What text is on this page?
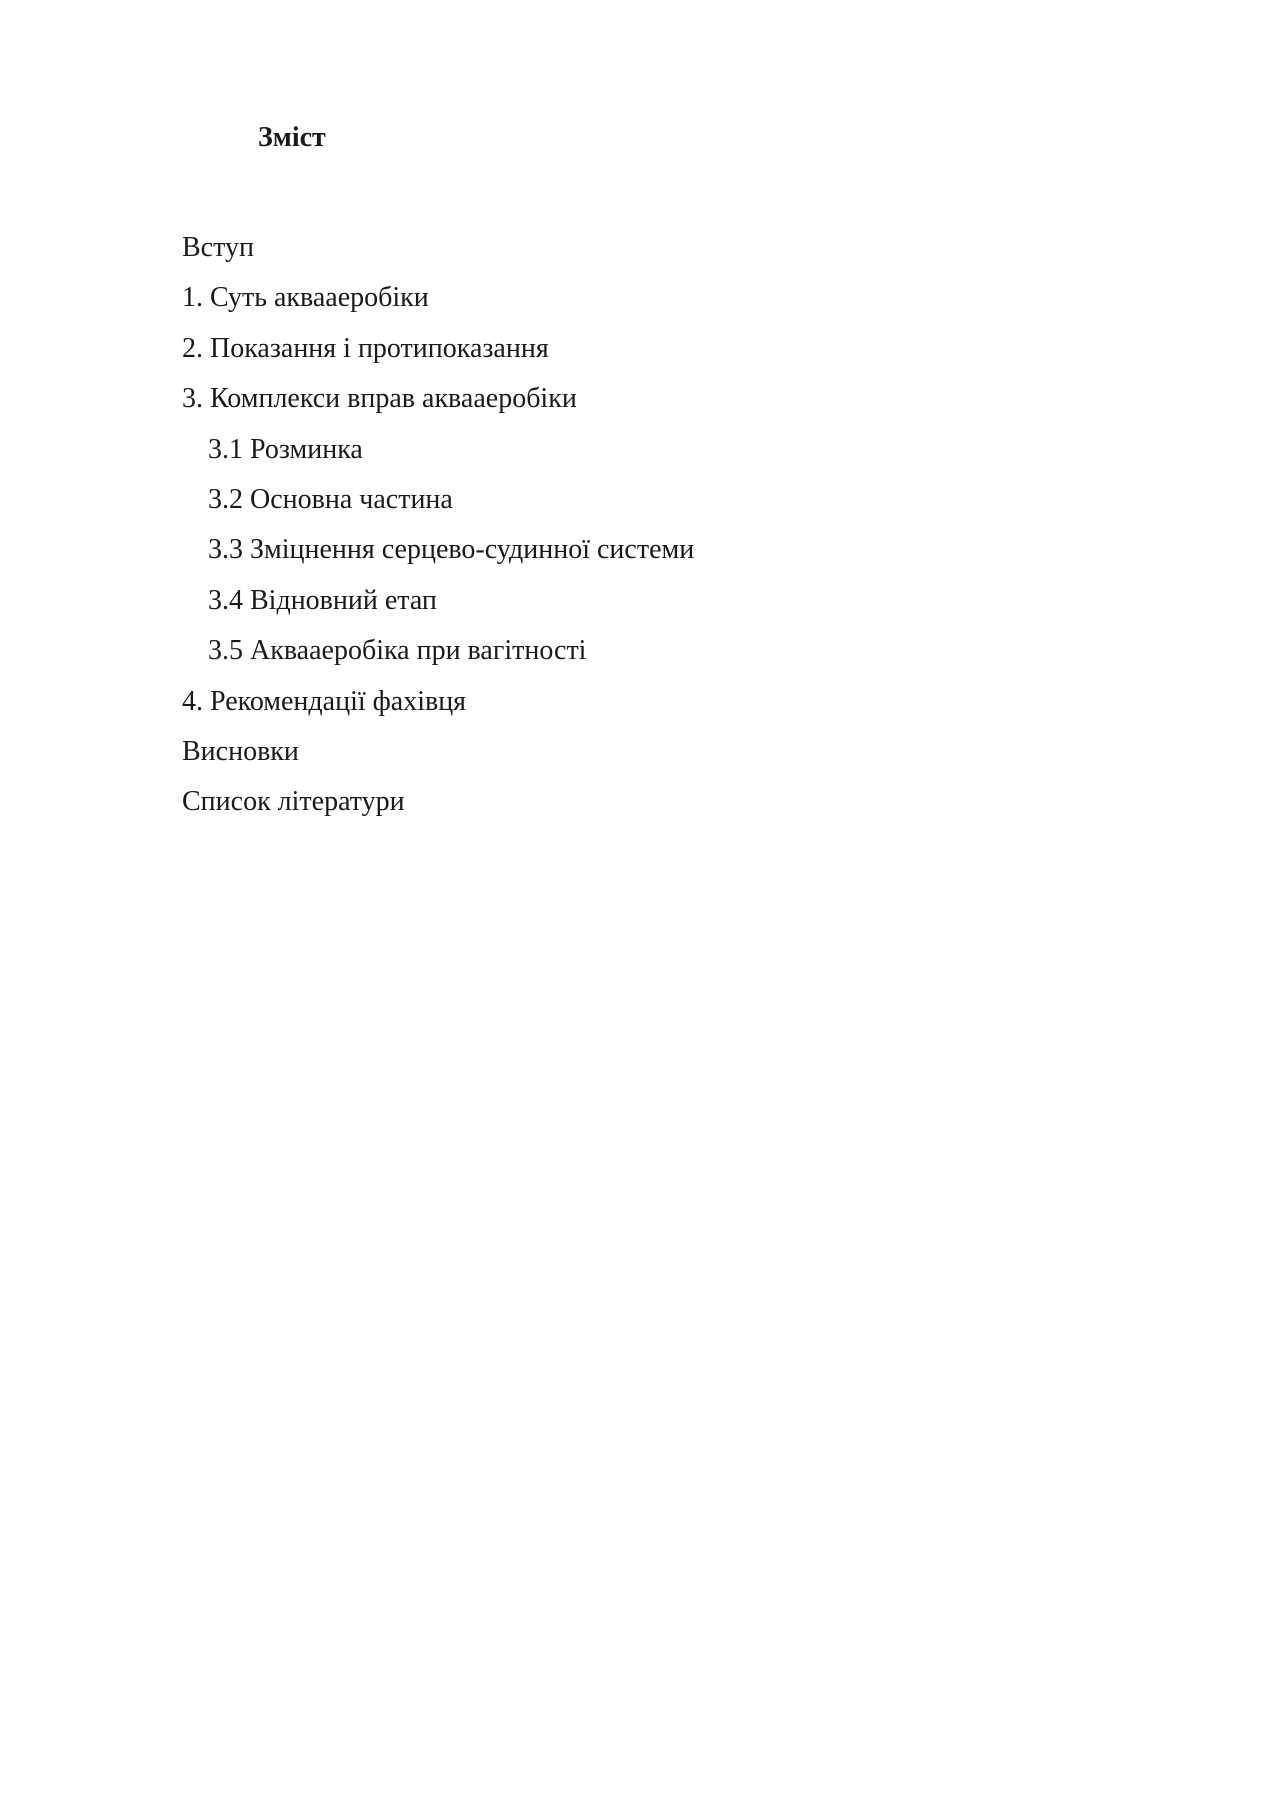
Зміст
Вступ
1. Суть аквааеробіки
2. Показання і протипоказання
3. Комплекси вправ аквааеробіки
3.1 Розминка
3.2 Основна частина
3.3 Зміцнення серцево-судинної системи
3.4 Відновний етап
3.5 Аквааеробіка при вагітності
4. Рекомендації фахівця
Висновки
Список літератури
